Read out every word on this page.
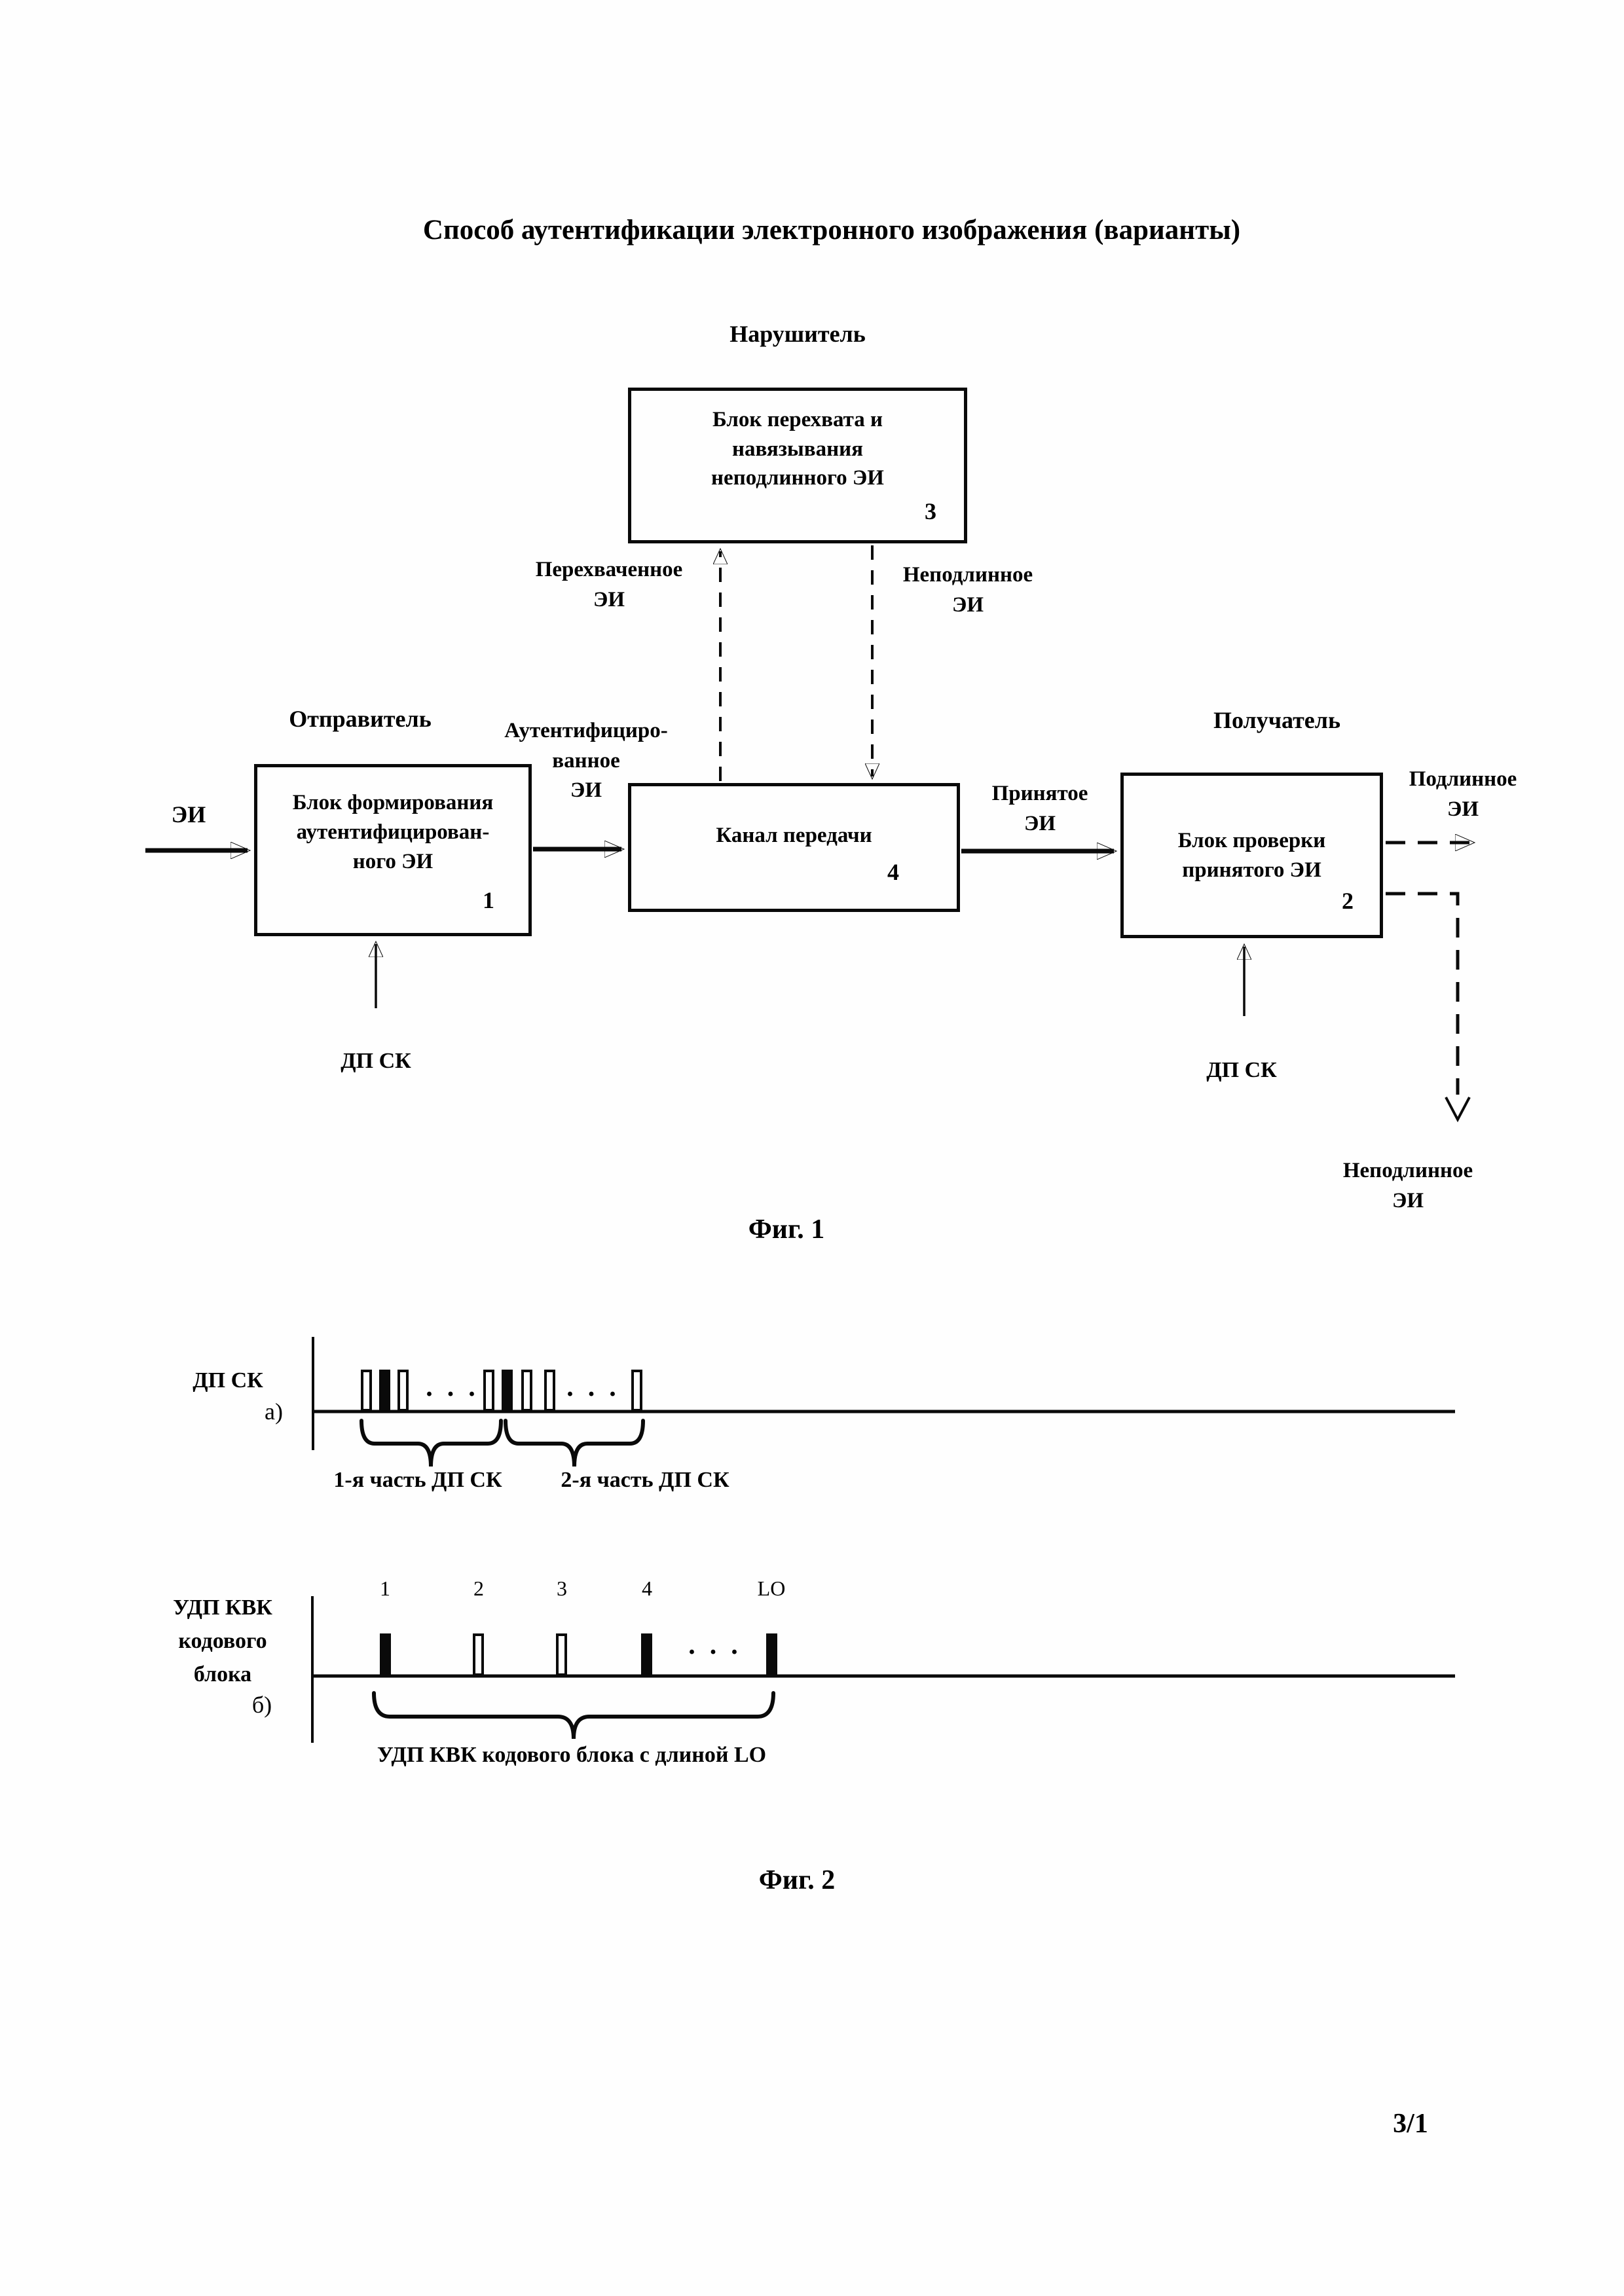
Способ аутентификации электронного изображения (варианты)
Нарушитель
Отправитель	Получатель
Блок перехвата и
навязывания
неподлинного ЭИ
3
Блок формирования
аутентифицирован-
ного ЭИ
1
Канал передачи
4
Блок проверки
принятого ЭИ
2
Перехваченное
ЭИ
Неподлинное
ЭИ
ЭИ
Аутентифициро-
ванное
ЭИ	Принятое
ЭИ
Подлинное
ЭИ
Неподлинное
ЭИ
ДП СК	ДП СК
Фиг. 1
ДП СК
а)
· · ·	· · ·
1-я часть ДП СК	2-я часть ДП СК
УДП КВК
кодового
блока
б)
1	2	3	4	LO
· · ·
УДП КВК кодового блока с длиной LO
Фиг. 2
3/1
